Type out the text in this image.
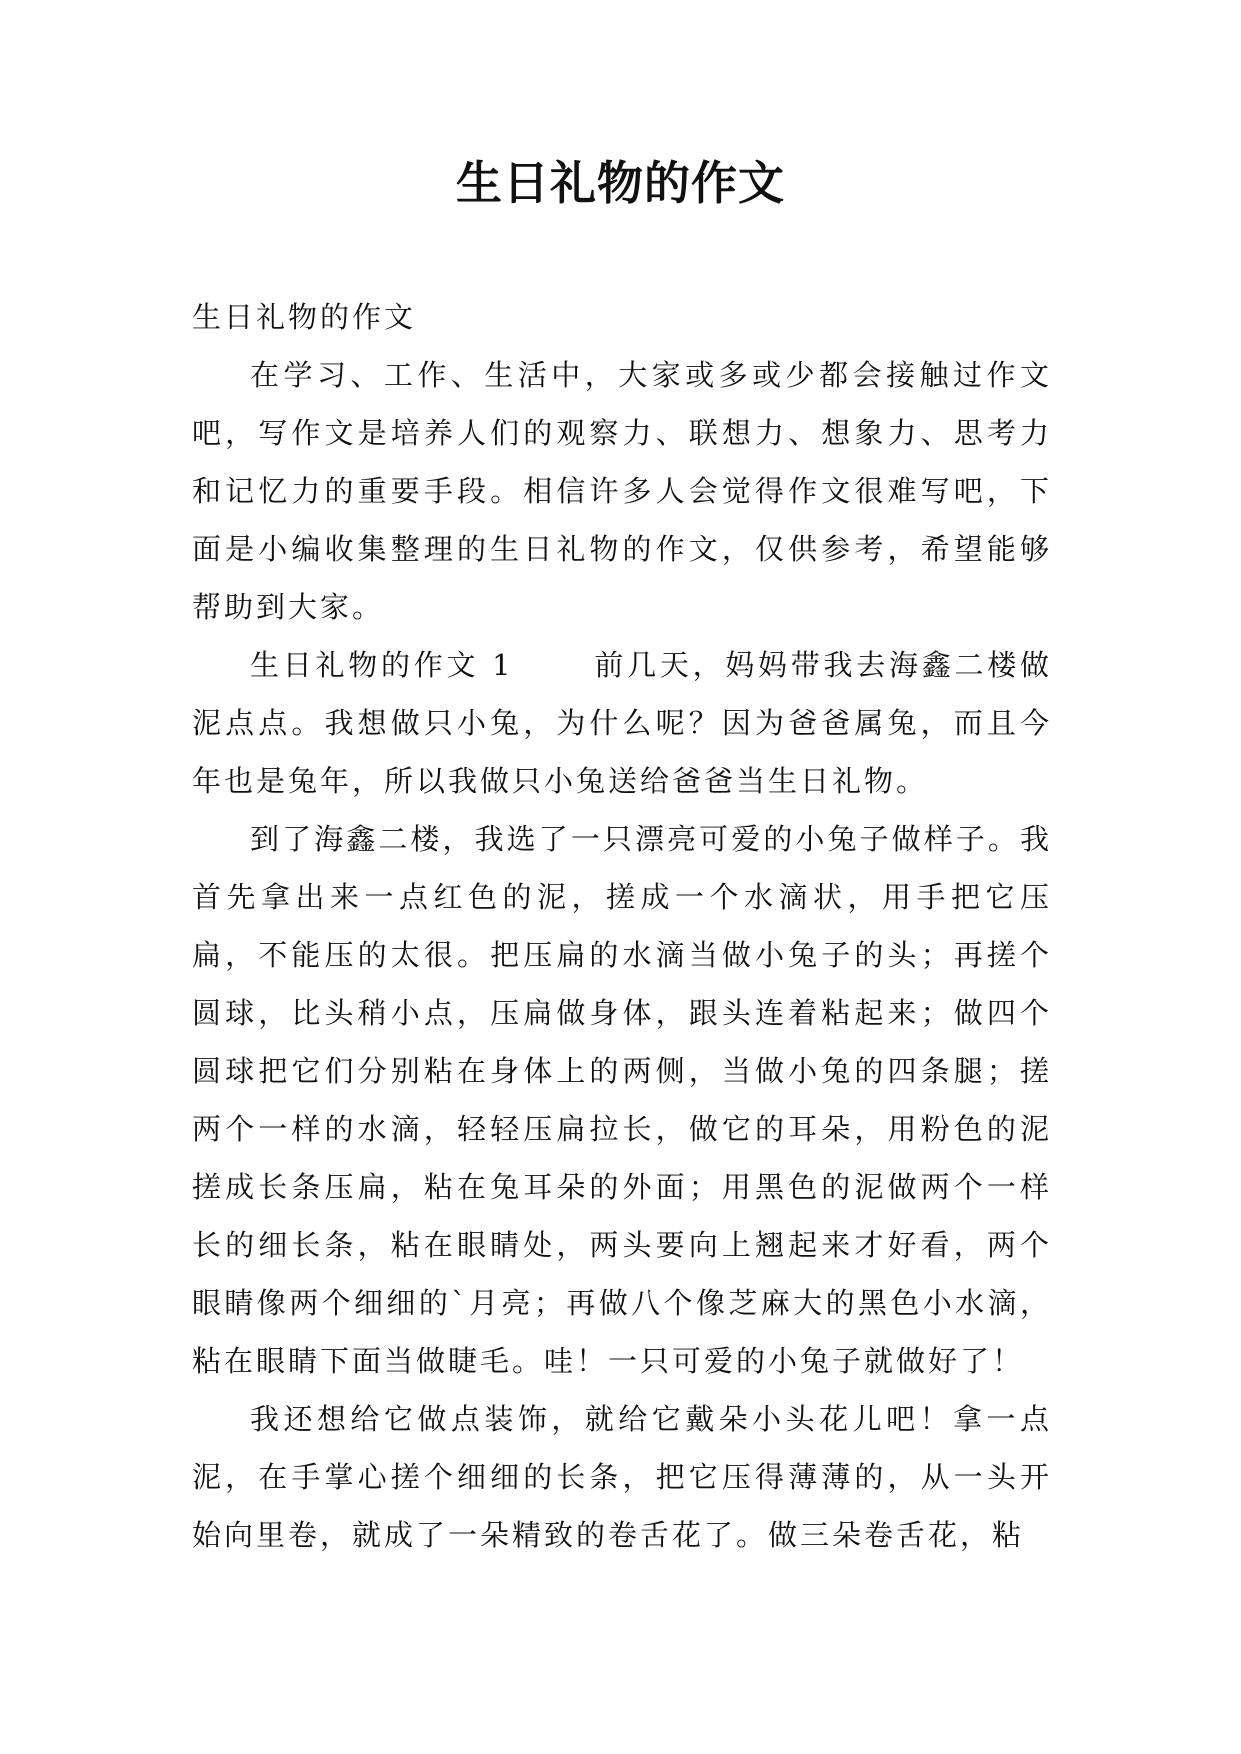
生日礼物的作文

生日礼物的作文

在学习、工作、生活中，大家或多或少都会接触过作文吧，写作文是培养人们的观察力、联想力、想象力、思考力和记忆力的重要手段。相信许多人会觉得作文很难写吧，下面是小编收集整理的生日礼物的作文，仅供参考，希望能够帮助到大家。

生日礼物的作文 1	前几天，妈妈带我去海鑫二楼做泥点点。我想做只小兔，为什么呢？因为爸爸属兔，而且今年也是兔年，所以我做只小兔送给爸爸当生日礼物。

到了海鑫二楼，我选了一只漂亮可爱的小兔子做样子。我首先拿出来一点红色的泥，搓成一个水滴状，用手把它压扁，不能压的太很。把压扁的水滴当做小兔子的头；再搓个圆球，比头稍小点，压扁做身体，跟头连着粘起来；做四个圆球把它们分别粘在身体上的两侧，当做小兔的四条腿；搓两个一样的水滴，轻轻压扁拉长，做它的耳朵，用粉色的泥搓成长条压扁，粘在兔耳朵的外面；用黑色的泥做两个一样长的细长条，粘在眼睛处，两头要向上翘起来才好看，两个眼睛像两个细细的`月亮；再做八个像芝麻大的黑色小水滴，粘在眼睛下面当做睫毛。哇！一只可爱的小兔子就做好了！

我还想给它做点装饰，就给它戴朵小头花儿吧！拿一点泥，在手掌心搓个细细的长条，把它压得薄薄的，从一头开始向里卷，就成了一朵精致的卷舌花了。做三朵卷舌花，粘
